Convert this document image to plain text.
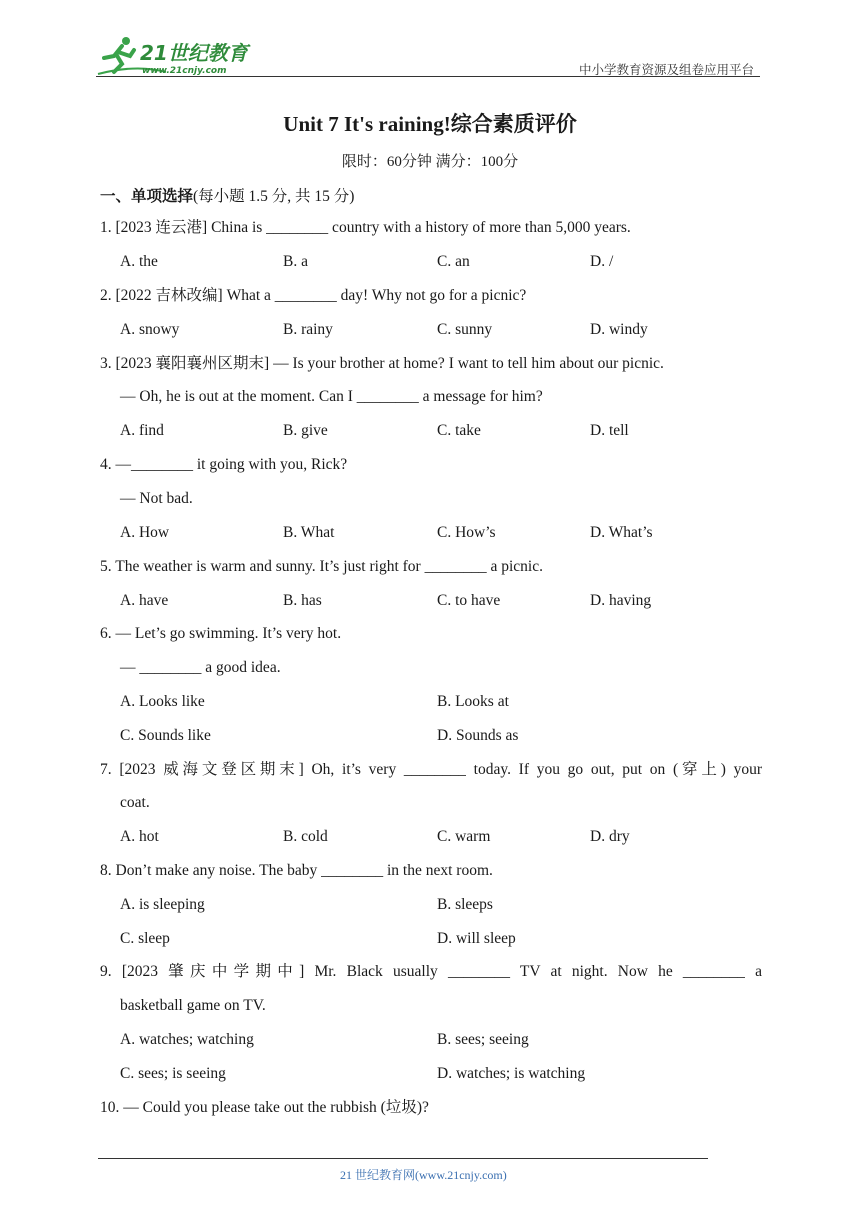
21世纪教育
www.21cnjy.com	中小学教育资源及组卷应用平台
Unit 7 It's raining!综合素质评价
限时：60分钟 满分：100分
一、单项选择(每小题 1.5 分, 共 15 分)
1. [2023 连云港] China is ________ country with a history of more than 5,000 years.
A. the	B. a	C. an	D. /
2. [2022 吉林改编] What a ________ day! Why not go for a picnic?
A. snowy	B. rainy	C. sunny	D. windy
3. [2023 襄阳襄州区期末] — Is your brother at home? I want to tell him about our picnic.
— Oh, he is out at the moment. Can I ________ a message for him?
A. find	B. give	C. take	D. tell
4. —________ it going with you, Rick?
— Not bad.
A. How	B. What	C. How’s	D. What’s
5. The weather is warm and sunny. It’s just right for ________ a picnic.
A. have	B. has	C. to have	D. having
6. — Let’s go swimming. It’s very hot.
— ________ a good idea.
A. Looks like	B. Looks at
C. Sounds like	D. Sounds as
7. [2023 威海文登区期末] Oh, it’s very ________ today. If you go out, put on (穿上) your
coat.
A. hot	B. cold	C. warm	D. dry
8. Don’t make any noise. The baby ________ in the next room.
A. is sleeping	B. sleeps
C. sleep	D. will sleep
9. [2023 肇庆中学期中] Mr. Black usually ________ TV at night. Now he ________ a
basketball game on TV.
A. watches; watching	B. sees; seeing
C. sees; is seeing	D. watches; is watching
10. — Could you please take out the rubbish (垃圾)?
21 世纪教育网(www.21cnjy.com)
